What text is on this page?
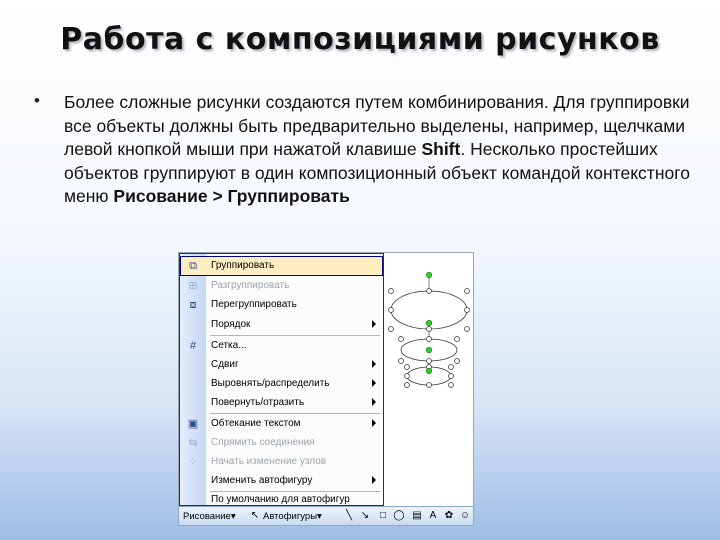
Работа с композициями рисунков
• Более сложные рисунки создаются путем комбинирования. Для группировки все объекты должны быть предварительно выделены, например, щелчками левой кнопкой мыши при нажатой клавише Shift. Несколько простейших объектов группируют в один композиционный объект командой контекстного меню Рисование > Группировать
⧉	Группировать
⊞ Разгруппировать
⧈	Перегруппировать
Порядок
#	Сетка...
Сдвиг
Выровнять/распределить
Повернуть/отразить
▣ Обтекание текстом
⇆ Спрямить соединения
⁘ Начать изменение узлов
Изменить автофигуру
По умолчанию для автофигур
Рисование▾ ↖ Автофигуры▾ ╲ ↘ □ ◯ ▤ A ✿ ☺
